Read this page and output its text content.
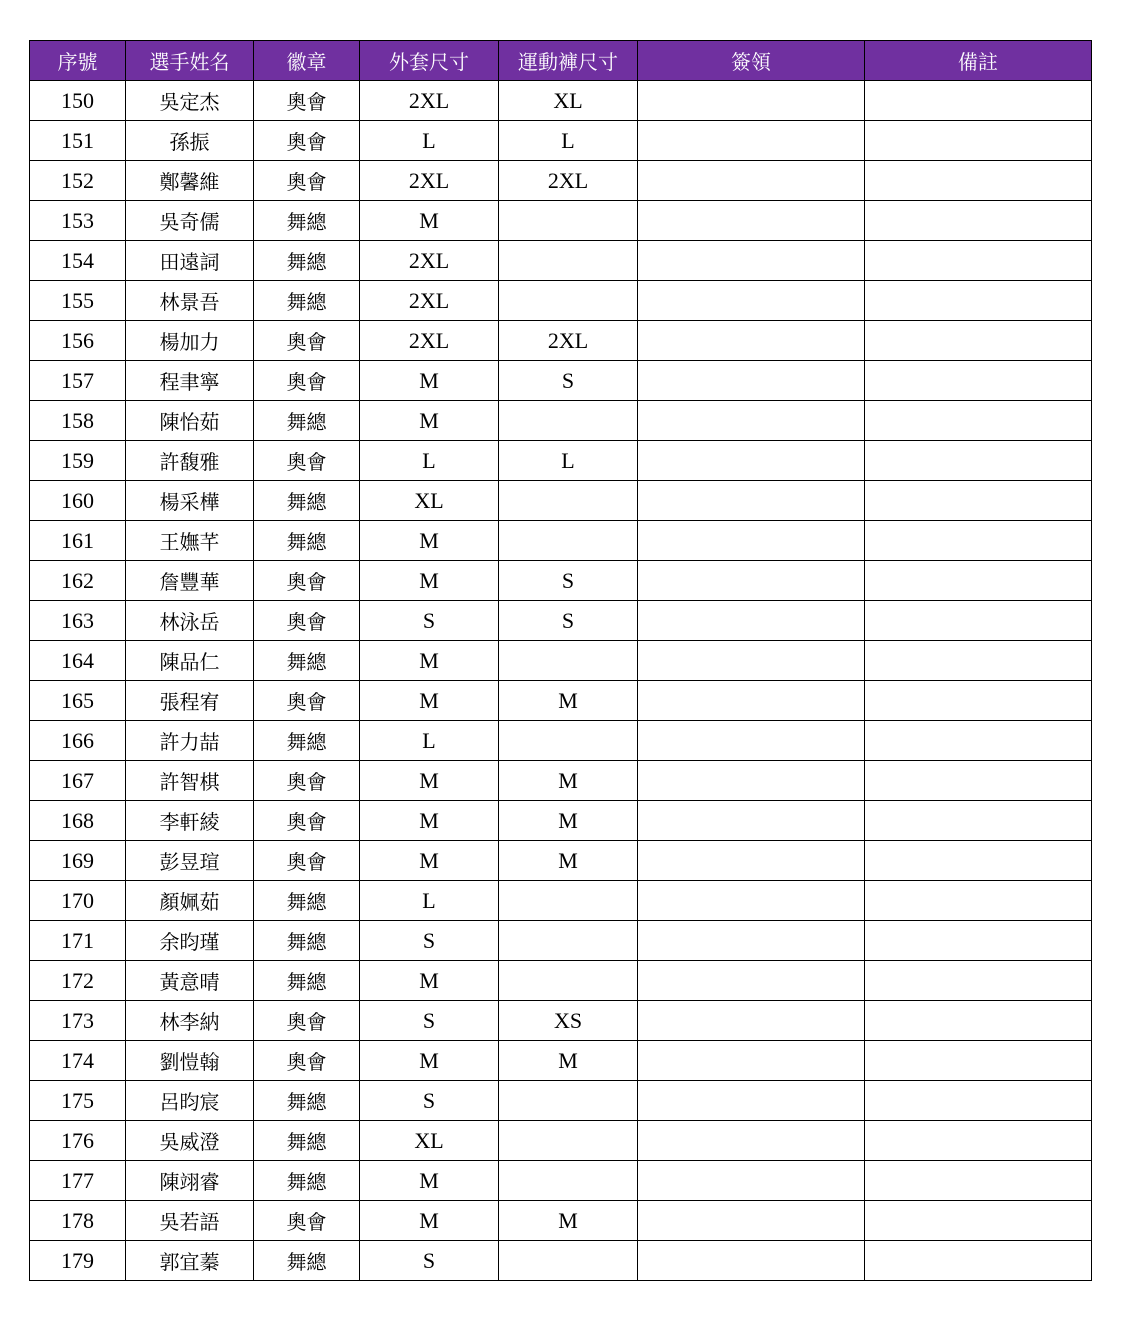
序號	選手姓名	徽章	外套尺寸	運動褲尺寸	簽領	備註
150	吳定杰	奧會	2XL	XL		
151	孫振	奧會	L	L		
152	鄭馨維	奧會	2XL	2XL		
153	吳奇儒	舞總	M			
154	田遠詞	舞總	2XL			
155	林景吾	舞總	2XL			
156	楊加力	奧會	2XL	2XL		
157	程聿寧	奧會	M	S		
158	陳怡茹	舞總	M			
159	許馥雅	奧會	L	L		
160	楊采樺	舞總	XL			
161	王嫵芊	舞總	M			
162	詹豐華	奧會	M	S		
163	林泳岳	奧會	S	S		
164	陳品仁	舞總	M			
165	張程宥	奧會	M	M		
166	許力喆	舞總	L			
167	許智棋	奧會	M	M		
168	李軒綾	奧會	M	M		
169	彭昱瑄	奧會	M	M		
170	顏姵茹	舞總	L			
171	余昀瑾	舞總	S			
172	黃意晴	舞總	M			
173	林李納	奧會	S	XS		
174	劉愷翰	奧會	M	M		
175	呂昀宸	舞總	S			
176	吳威澄	舞總	XL			
177	陳翊睿	舞總	M			
178	吳若語	奧會	M	M		
179	郭宜蓁	舞總	S			
